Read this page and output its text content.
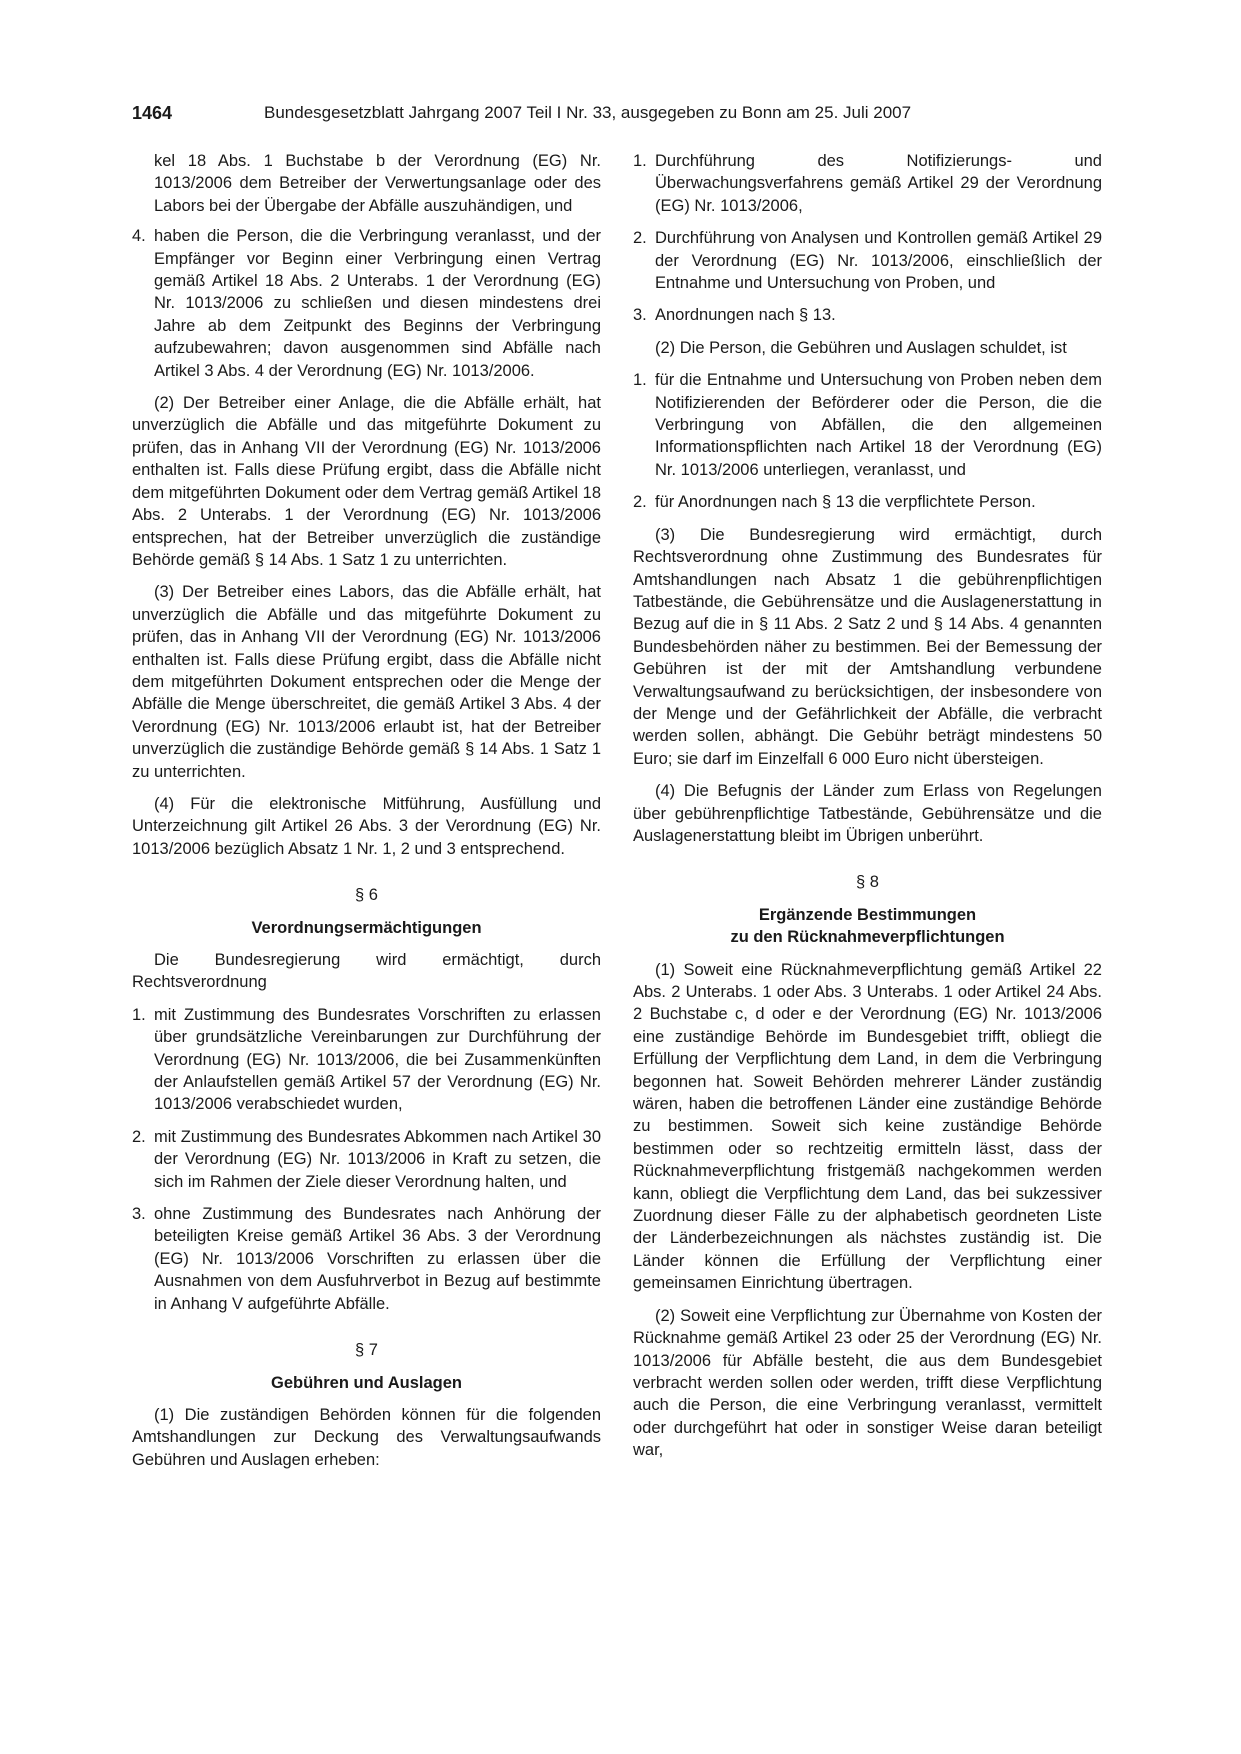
1464	Bundesgesetzblatt Jahrgang 2007 Teil I Nr. 33, ausgegeben zu Bonn am 25. Juli 2007

kel 18 Abs. 1 Buchstabe b der Verordnung (EG) Nr. 1013/2006 dem Betreiber der Verwertungsanlage oder des Labors bei der Übergabe der Abfälle auszuhändigen, und

4. haben die Person, die die Verbringung veranlasst, und der Empfänger vor Beginn einer Verbringung einen Vertrag gemäß Artikel 18 Abs. 2 Unterabs. 1 der Verordnung (EG) Nr. 1013/2006 zu schließen und diesen mindestens drei Jahre ab dem Zeitpunkt des Beginns der Verbringung aufzubewahren; davon ausgenommen sind Abfälle nach Artikel 3 Abs. 4 der Verordnung (EG) Nr. 1013/2006.

(2) Der Betreiber einer Anlage, die die Abfälle erhält, hat unverzüglich die Abfälle und das mitgeführte Dokument zu prüfen, das in Anhang VII der Verordnung (EG) Nr. 1013/2006 enthalten ist. Falls diese Prüfung ergibt, dass die Abfälle nicht dem mitgeführten Dokument oder dem Vertrag gemäß Artikel 18 Abs. 2 Unterabs. 1 der Verordnung (EG) Nr. 1013/2006 entsprechen, hat der Betreiber unverzüglich die zuständige Behörde gemäß § 14 Abs. 1 Satz 1 zu unterrichten.

(3) Der Betreiber eines Labors, das die Abfälle erhält, hat unverzüglich die Abfälle und das mitgeführte Dokument zu prüfen, das in Anhang VII der Verordnung (EG) Nr. 1013/2006 enthalten ist. Falls diese Prüfung ergibt, dass die Abfälle nicht dem mitgeführten Dokument entsprechen oder die Menge der Abfälle die Menge überschreitet, die gemäß Artikel 3 Abs. 4 der Verordnung (EG) Nr. 1013/2006 erlaubt ist, hat der Betreiber unverzüglich die zuständige Behörde gemäß § 14 Abs. 1 Satz 1 zu unterrichten.

(4) Für die elektronische Mitführung, Ausfüllung und Unterzeichnung gilt Artikel 26 Abs. 3 der Verordnung (EG) Nr. 1013/2006 bezüglich Absatz 1 Nr. 1, 2 und 3 entsprechend.

§ 6
Verordnungsermächtigungen

Die Bundesregierung wird ermächtigt, durch Rechtsverordnung

1. mit Zustimmung des Bundesrates Vorschriften zu erlassen über grundsätzliche Vereinbarungen zur Durchführung der Verordnung (EG) Nr. 1013/2006, die bei Zusammenkünften der Anlaufstellen gemäß Artikel 57 der Verordnung (EG) Nr. 1013/2006 verabschiedet wurden,

2. mit Zustimmung des Bundesrates Abkommen nach Artikel 30 der Verordnung (EG) Nr. 1013/2006 in Kraft zu setzen, die sich im Rahmen der Ziele dieser Verordnung halten, und

3. ohne Zustimmung des Bundesrates nach Anhörung der beteiligten Kreise gemäß Artikel 36 Abs. 3 der Verordnung (EG) Nr. 1013/2006 Vorschriften zu erlassen über die Ausnahmen von dem Ausfuhrverbot in Bezug auf bestimmte in Anhang V aufgeführte Abfälle.

§ 7
Gebühren und Auslagen

(1) Die zuständigen Behörden können für die folgenden Amtshandlungen zur Deckung des Verwaltungsaufwands Gebühren und Auslagen erheben:

1. Durchführung des Notifizierungs- und Überwachungsverfahrens gemäß Artikel 29 der Verordnung (EG) Nr. 1013/2006,

2. Durchführung von Analysen und Kontrollen gemäß Artikel 29 der Verordnung (EG) Nr. 1013/2006, einschließlich der Entnahme und Untersuchung von Proben, und

3. Anordnungen nach § 13.

(2) Die Person, die Gebühren und Auslagen schuldet, ist

1. für die Entnahme und Untersuchung von Proben neben dem Notifizierenden der Beförderer oder die Person, die die Verbringung von Abfällen, die den allgemeinen Informationspflichten nach Artikel 18 der Verordnung (EG) Nr. 1013/2006 unterliegen, veranlasst, und

2. für Anordnungen nach § 13 die verpflichtete Person.

(3) Die Bundesregierung wird ermächtigt, durch Rechtsverordnung ohne Zustimmung des Bundesrates für Amtshandlungen nach Absatz 1 die gebührenpflichtigen Tatbestände, die Gebührensätze und die Auslagenerstattung in Bezug auf die in § 11 Abs. 2 Satz 2 und § 14 Abs. 4 genannten Bundesbehörden näher zu bestimmen. Bei der Bemessung der Gebühren ist der mit der Amtshandlung verbundene Verwaltungsaufwand zu berücksichtigen, der insbesondere von der Menge und der Gefährlichkeit der Abfälle, die verbracht werden sollen, abhängt. Die Gebühr beträgt mindestens 50 Euro; sie darf im Einzelfall 6 000 Euro nicht übersteigen.

(4) Die Befugnis der Länder zum Erlass von Regelungen über gebührenpflichtige Tatbestände, Gebührensätze und die Auslagenerstattung bleibt im Übrigen unberührt.

§ 8
Ergänzende Bestimmungen
zu den Rücknahmeverpflichtungen

(1) Soweit eine Rücknahmeverpflichtung gemäß Artikel 22 Abs. 2 Unterabs. 1 oder Abs. 3 Unterabs. 1 oder Artikel 24 Abs. 2 Buchstabe c, d oder e der Verordnung (EG) Nr. 1013/2006 eine zuständige Behörde im Bundesgebiet trifft, obliegt die Erfüllung der Verpflichtung dem Land, in dem die Verbringung begonnen hat. Soweit Behörden mehrerer Länder zuständig wären, haben die betroffenen Länder eine zuständige Behörde zu bestimmen. Soweit sich keine zuständige Behörde bestimmen oder so rechtzeitig ermitteln lässt, dass der Rücknahmeverpflichtung fristgemäß nachgekommen werden kann, obliegt die Verpflichtung dem Land, das bei sukzessiver Zuordnung dieser Fälle zu der alphabetisch geordneten Liste der Länderbezeichnungen als nächstes zuständig ist. Die Länder können die Erfüllung der Verpflichtung einer gemeinsamen Einrichtung übertragen.

(2) Soweit eine Verpflichtung zur Übernahme von Kosten der Rücknahme gemäß Artikel 23 oder 25 der Verordnung (EG) Nr. 1013/2006 für Abfälle besteht, die aus dem Bundesgebiet verbracht werden sollen oder werden, trifft diese Verpflichtung auch die Person, die eine Verbringung veranlasst, vermittelt oder durchgeführt hat oder in sonstiger Weise daran beteiligt war,
